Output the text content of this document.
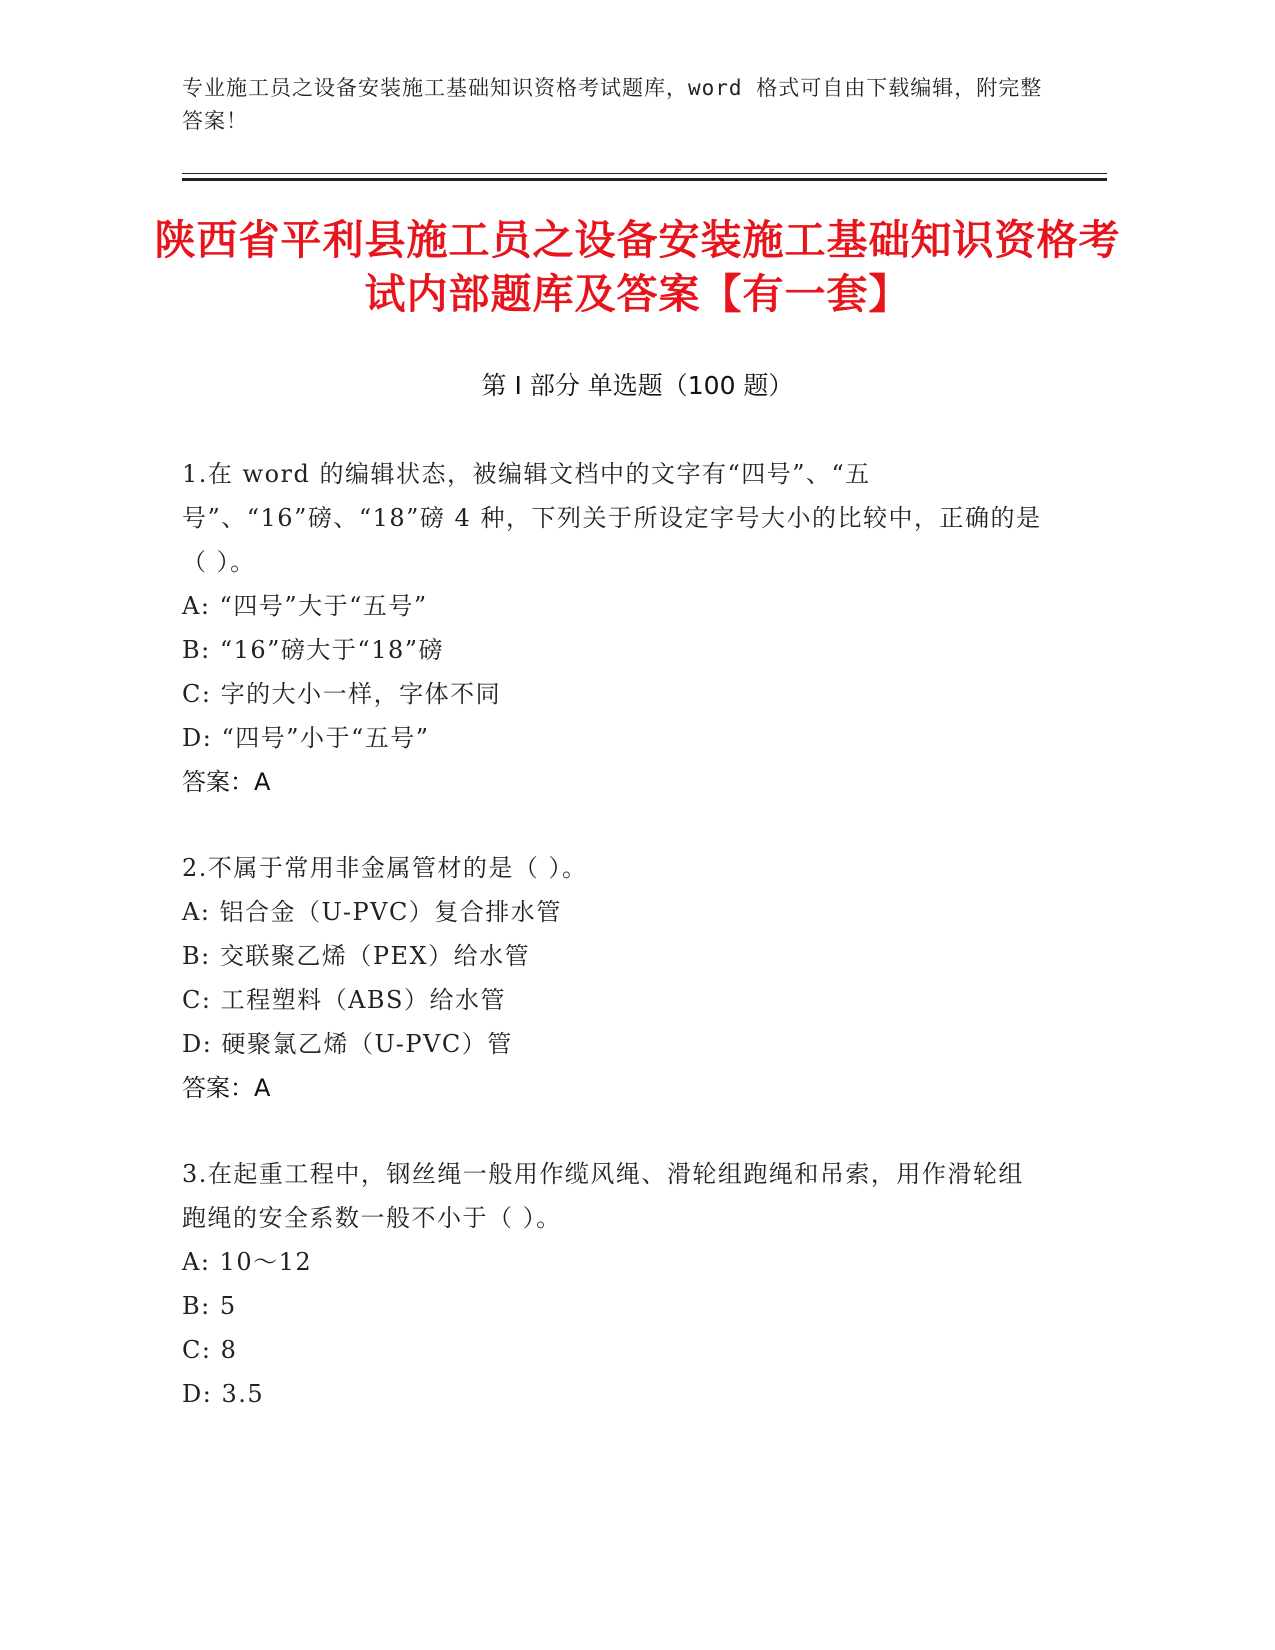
专业施工员之设备安装施工基础知识资格考试题库，word 格式可自由下载编辑，附完整答案！
陕西省平利县施工员之设备安装施工基础知识资格考试内部题库及答案【有一套】
第 I 部分 单选题（100 题）
1.在 word 的编辑状态，被编辑文档中的文字有“四号”、“五号”、“16”磅、“18”磅 4 种，下列关于所设定字号大小的比较中，正确的是（ ）。
A: “四号”大于“五号”
B: “16”磅大于“18”磅
C: 字的大小一样，字体不同
D: “四号”小于“五号”
答案：A
2.不属于常用非金属管材的是（ ）。
A: 铝合金（U-PVC）复合排水管
B: 交联聚乙烯（PEX）给水管
C: 工程塑料（ABS）给水管
D: 硬聚氯乙烯（U-PVC）管
答案：A
3.在起重工程中，钢丝绳一般用作缆风绳、滑轮组跑绳和吊索，用作滑轮组跑绳的安全系数一般不小于（ ）。
A: 10～12
B: 5
C: 8
D: 3.5
